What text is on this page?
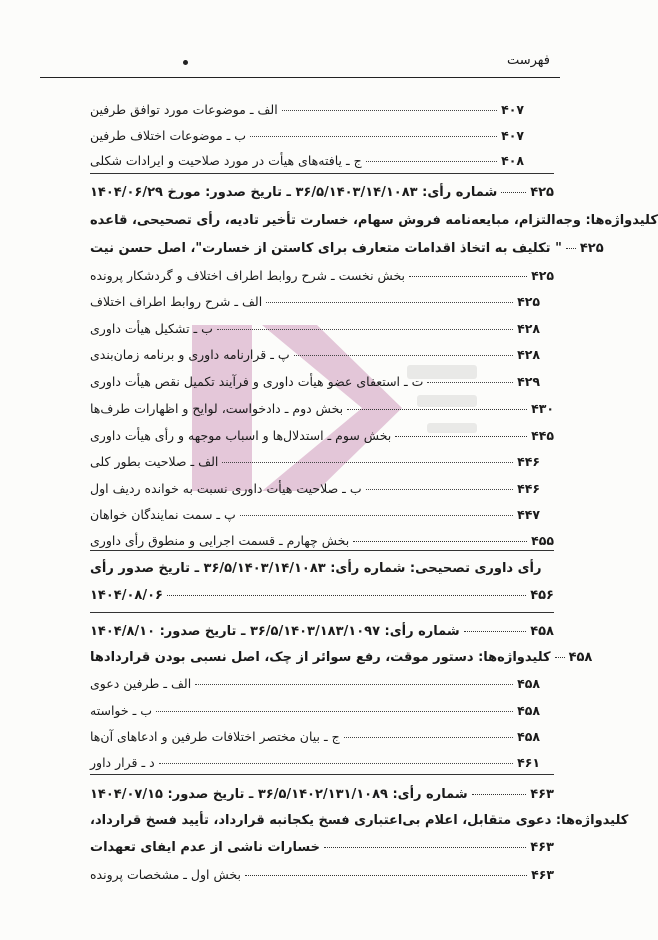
فهرست
الف ـ موضوعات مورد توافق طرفین	۴۰۷
ب ـ موضوعات اختلاف طرفین	۴۰۷
ج ـ یافته‌های هیأت در مورد صلاحیت و ایرادات شکلی	۴۰۸
شماره رأی: ۳۶/۵/۱۴۰۳/۱۴/۱۰۸۳ ـ تاریخ صدور: مورخ ۱۴۰۴/۰۶/۲۹	۴۲۵
کلیدواژه‌ها: وجه‌التزام، مبایعه‌نامه فروش سهام، خسارت تأخیر تادیه، رأی تصحیحی، قاعده
" تکلیف به اتخاذ اقدامات متعارف برای کاستن از خسارت"، اصل حسن نیت ۴۲۵
بخش نخست ـ شرح روابط اطراف اختلاف و گردشکار پرونده	۴۲۵
الف ـ شرح روابط اطراف اختلاف	۴۲۵
ب ـ تشکیل هیأت داوری	۴۲۸
پ ـ قرارنامه داوری و برنامه زمان‌بندی	۴۲۸
ت ـ استعفای عضو هیأت داوری و فرآیند تکمیل نقص هیأت داوری	۴۲۹
بخش دوم ـ دادخواست، لوایح و اظهارات طرف‌ها	۴۳۰
بخش سوم ـ استدلال‌ها و اسباب موجهه و رأی هیأت داوری	۴۴۵
الف ـ صلاحیت بطور کلی	۴۴۶
ب ـ صلاحیت هیأت داوری نسبت به خوانده ردیف اول	۴۴۶
پ ـ سمت نمایندگان خواهان	۴۴۷
بخش چهارم ـ قسمت اجرایی و منطوق رأی داوری	۴۵۵
رأی داوری تصحیحی: شماره رأی: ۳۶/۵/۱۴۰۳/۱۴/۱۰۸۳ ـ تاریخ صدور رأی
۱۴۰۴/۰۸/۰۶	۴۵۶
شماره رأی: ۳۶/۵/۱۴۰۳/۱۸۳/۱۰۹۷ ـ تاریخ صدور: ۱۴۰۴/۸/۱۰	۴۵۸
کلیدواژه‌ها: دستور موقت، رفع سوائر از چک، اصل نسبی بودن قراردادها ۴۵۸
الف ـ طرفین دعوی	۴۵۸
ب ـ خواسته	۴۵۸
ج ـ بیان مختصر اختلافات طرفین و ادعاهای آن‌ها	۴۵۸
د ـ قرار داور	۴۶۱
شماره رأی: ۳۶/۵/۱۴۰۲/۱۳۱/۱۰۸۹ ـ تاریخ صدور: ۱۴۰۴/۰۷/۱۵	۴۶۳
کلیدواژه‌ها: دعوی متقابل، اعلام بی‌اعتباری فسخ یکجانبه قرارداد، تأیید فسخ قرارداد،
خسارات ناشی از عدم ایفای تعهدات	۴۶۳
بخش اول ـ مشخصات پرونده	۴۶۳
